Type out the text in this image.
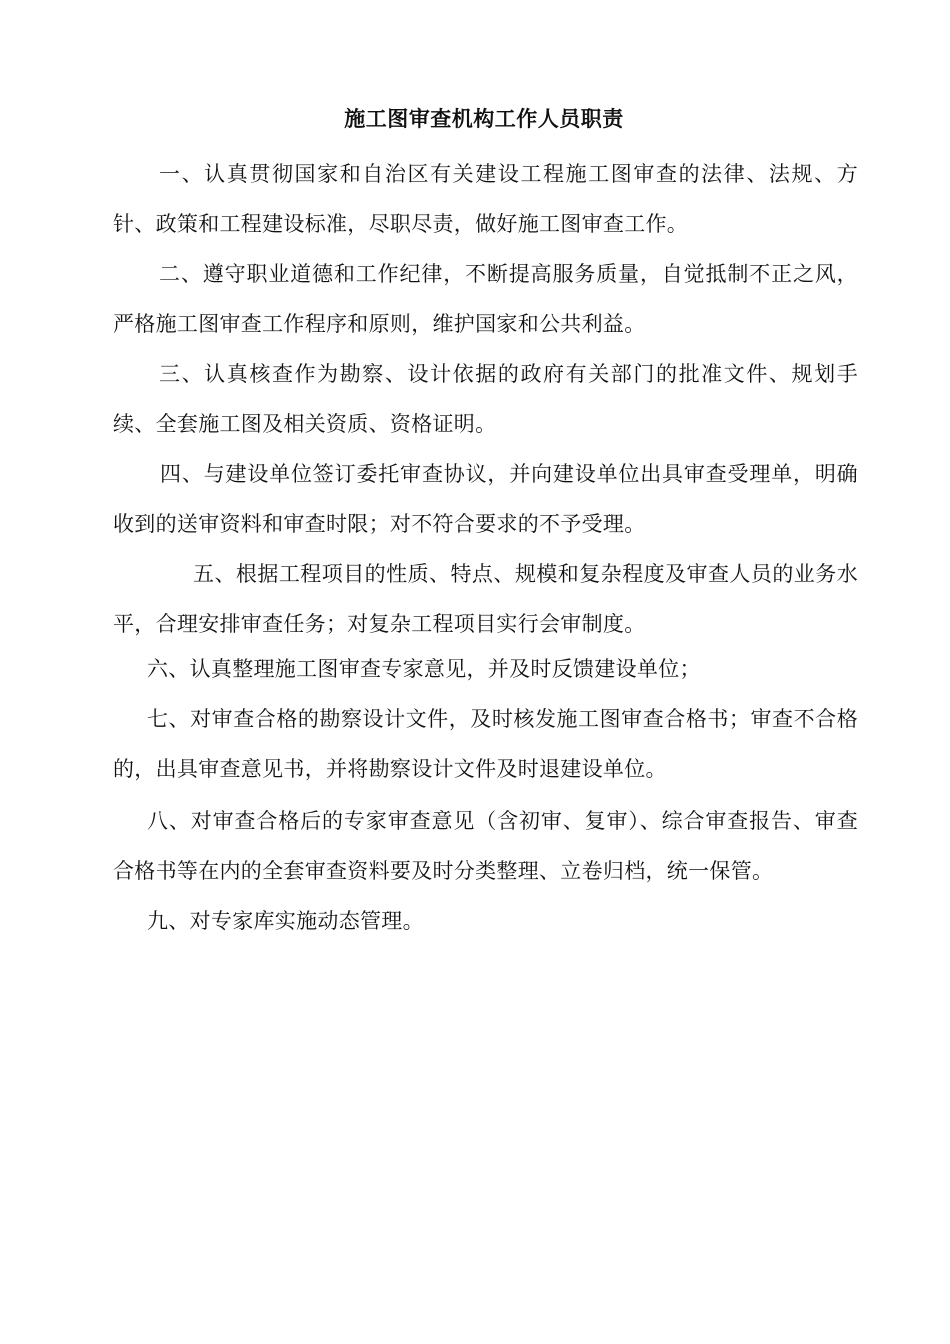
施工图审查机构工作人员职责

一、认真贯彻国家和自治区有关建设工程施工图审查的法律、法规、方针、政策和工程建设标准，尽职尽责，做好施工图审查工作。

二、遵守职业道德和工作纪律，不断提高服务质量，自觉抵制不正之风，严格施工图审查工作程序和原则，维护国家和公共利益。

三、认真核查作为勘察、设计依据的政府有关部门的批准文件、规划手续、全套施工图及相关资质、资格证明。

四、与建设单位签订委托审查协议，并向建设单位出具审查受理单，明确收到的送审资料和审查时限；对不符合要求的不予受理。

五、根据工程项目的性质、特点、规模和复杂程度及审查人员的业务水平，合理安排审查任务；对复杂工程项目实行会审制度。

六、认真整理施工图审查专家意见，并及时反馈建设单位；

七、对审查合格的勘察设计文件，及时核发施工图审查合格书；审查不合格的，出具审查意见书，并将勘察设计文件及时退建设单位。

八、对审查合格后的专家审查意见（含初审、复审）、综合审查报告、审查合格书等在内的全套审查资料要及时分类整理、立卷归档，统一保管。

九、对专家库实施动态管理。
